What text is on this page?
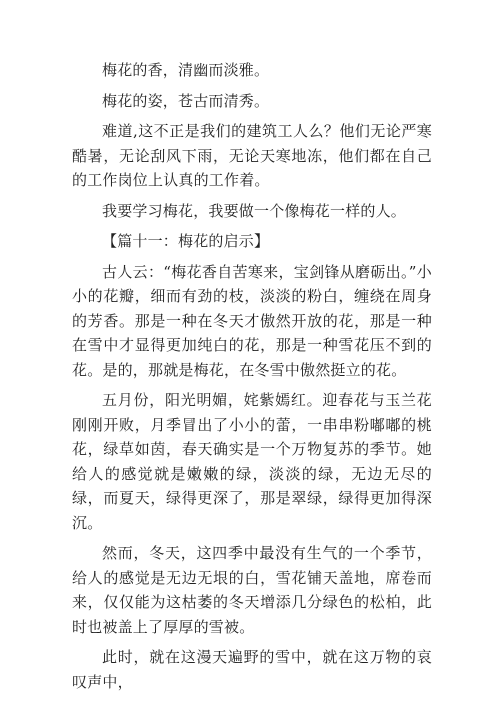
梅花的香，清幽而淡雅。

梅花的姿，苍古而清秀。

难道,这不正是我们的建筑工人么？他们无论严寒酷暑，无论刮风下雨，无论天寒地冻，他们都在自己的工作岗位上认真的工作着。

我要学习梅花，我要做一个像梅花一样的人。

【篇十一：梅花的启示】

古人云：“梅花香自苦寒来，宝剑锋从磨砺出。”小小的花瓣，细而有劲的枝，淡淡的粉白，缠绕在周身的芳香。那是一种在冬天才傲然开放的花，那是一种在雪中才显得更加纯白的花，那是一种雪花压不到的花。是的，那就是梅花，在冬雪中傲然挺立的花。

五月份，阳光明媚，姹紫嫣红。迎春花与玉兰花刚刚开败，月季冒出了小小的蕾，一串串粉嘟嘟的桃花，绿草如茵，春天确实是一个万物复苏的季节。她给人的感觉就是嫩嫩的绿，淡淡的绿，无边无尽的绿，而夏天，绿得更深了，那是翠绿，绿得更加得深沉。

然而，冬天，这四季中最没有生气的一个季节，给人的感觉是无边无垠的白，雪花铺天盖地，席卷而来，仅仅能为这枯萎的冬天增添几分绿色的松柏，此时也被盖上了厚厚的雪被。

此时，就在这漫天遍野的雪中，就在这万物的哀叹声中，
